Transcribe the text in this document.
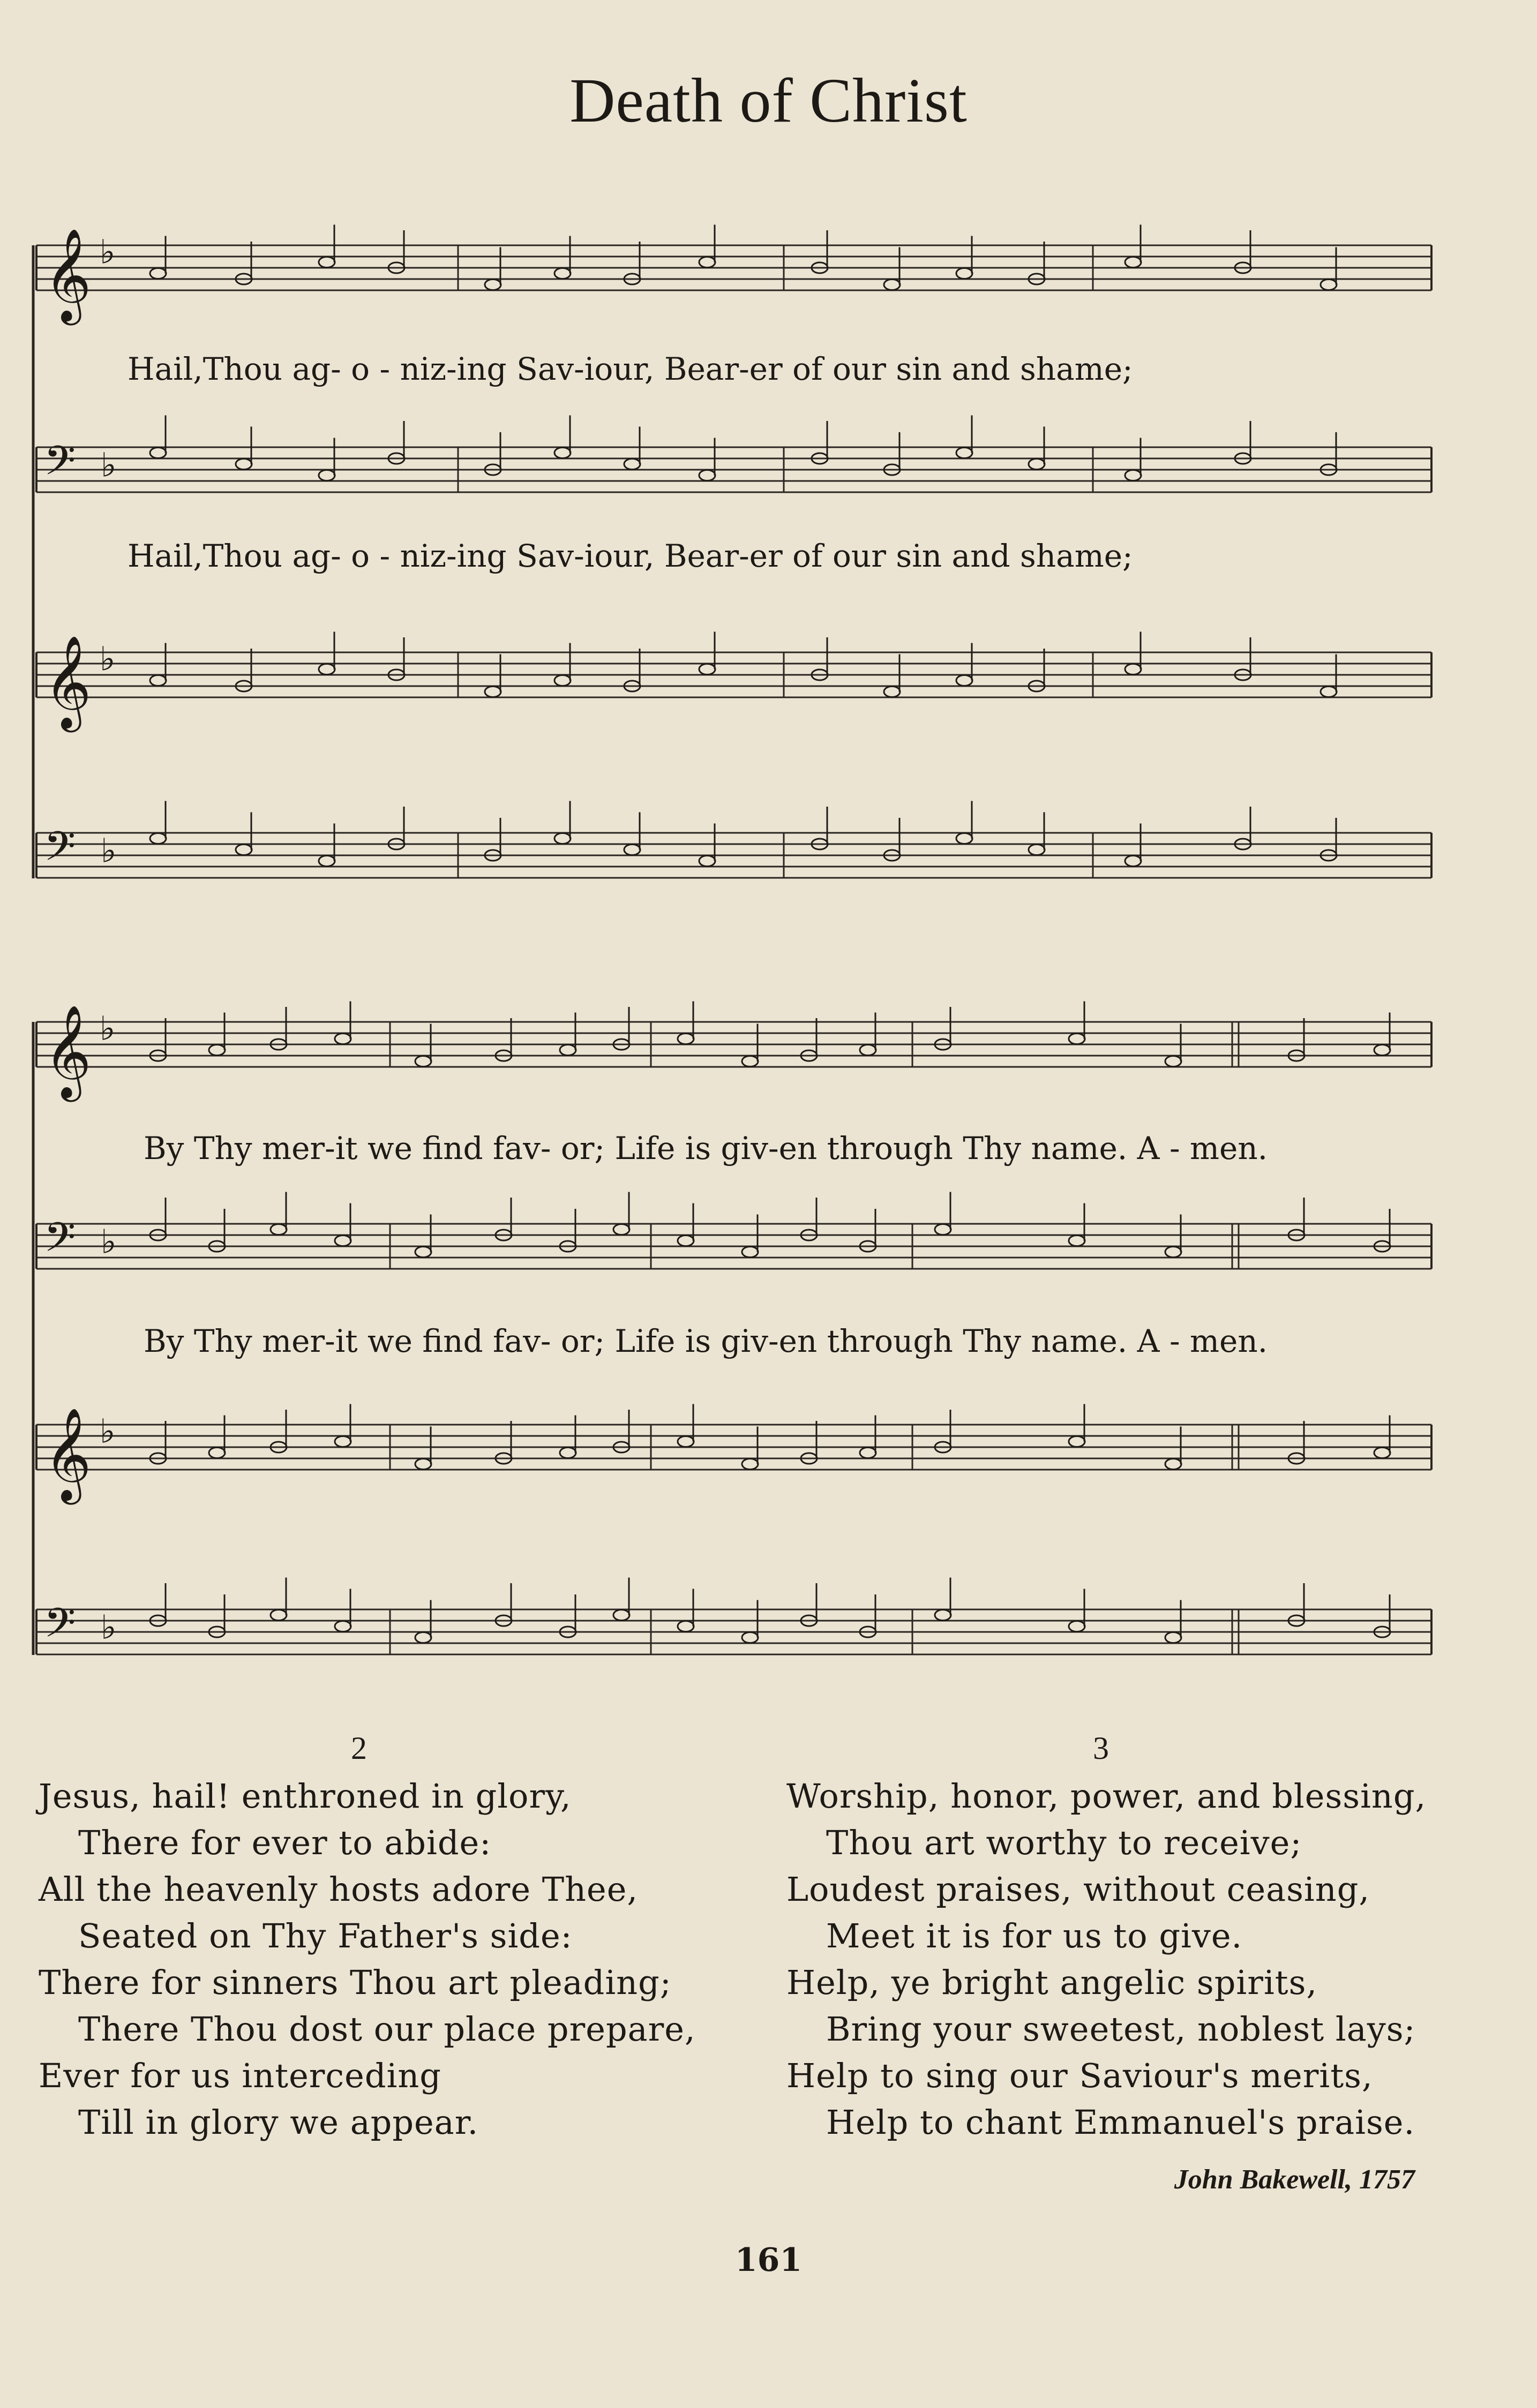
Death of Christ
𝄞 ♭
𝄢 ♭
𝄞 ♭
𝄢 ♭
𝄞 ♭
𝄢 ♭
𝄞 ♭
𝄢 ♭
Hail,Thou ag- o - niz-ing Sav-iour, Bear-er of our sin and shame;
Hail,Thou ag- o - niz-ing Sav-iour, Bear-er of our sin and shame;
By Thy mer-it we find fav- or; Life is giv-en through Thy name. A - men.
By Thy mer-it we find fav- or; Life is giv-en through Thy name. A - men.
2	3
Jesus, hail! enthroned in glory,
There for ever to abide:
All the heavenly hosts adore Thee,
Seated on Thy Father's side:
There for sinners Thou art pleading;
There Thou dost our place prepare,
Ever for us interceding
Till in glory we appear.
Worship, honor, power, and blessing,
Thou art worthy to receive;
Loudest praises, without ceasing,
Meet it is for us to give.
Help, ye bright angelic spirits,
Bring your sweetest, noblest lays;
Help to sing our Saviour's merits,
Help to chant Emmanuel's praise.
John Bakewell, 1757
161
